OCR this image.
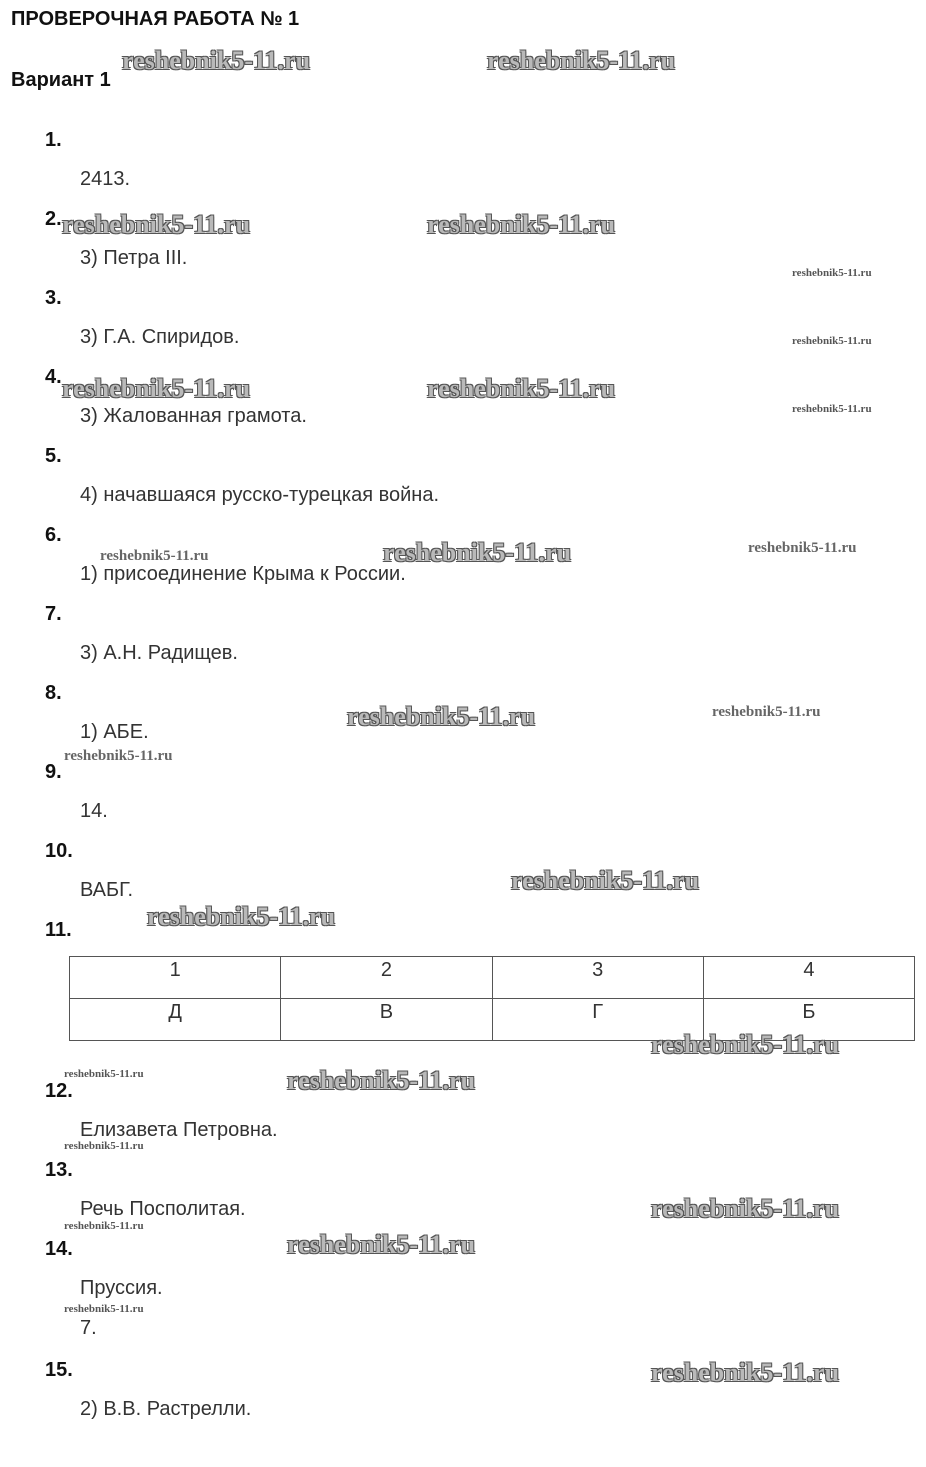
ПРОВЕРОЧНАЯ РАБОТА № 1
Вариант 1
1.
2413.
2.
3) Петра III.
3.
3) Г.А. Спиридов.
4.
3) Жалованная грамота.
5.
4) начавшаяся русско-турецкая война.
6.
1) присоединение Крыма к России.
7.
3) А.Н. Радищев.
8.
1) АБЕ.
9.
14.
10.
ВАБГ.
11.
1	2	3	4
Д	В	Г	Б
12.
Елизавета Петровна.
13.
Речь Посполитая.
14.
Пруссия.
7.
15.
2) В.В. Растрелли.
reshebnik5-11.ru	reshebnik5-11.ru
reshebnik5-11.ru	reshebnik5-11.ru
reshebnik5-11.ru
reshebnik5-11.ru
reshebnik5-11.ru	reshebnik5-11.ru
reshebnik5-11.ru
reshebnik5-11.ru	reshebnik5-11.ru	reshebnik5-11.ru
reshebnik5-11.ru	reshebnik5-11.ru
reshebnik5-11.ru
reshebnik5-11.ru
reshebnik5-11.ru
reshebnik5-11.ru
reshebnik5-11.ru	reshebnik5-11.ru
reshebnik5-11.ru
reshebnik5-11.ru
reshebnik5-11.ru
reshebnik5-11.ru
reshebnik5-11.ru
reshebnik5-11.ru
